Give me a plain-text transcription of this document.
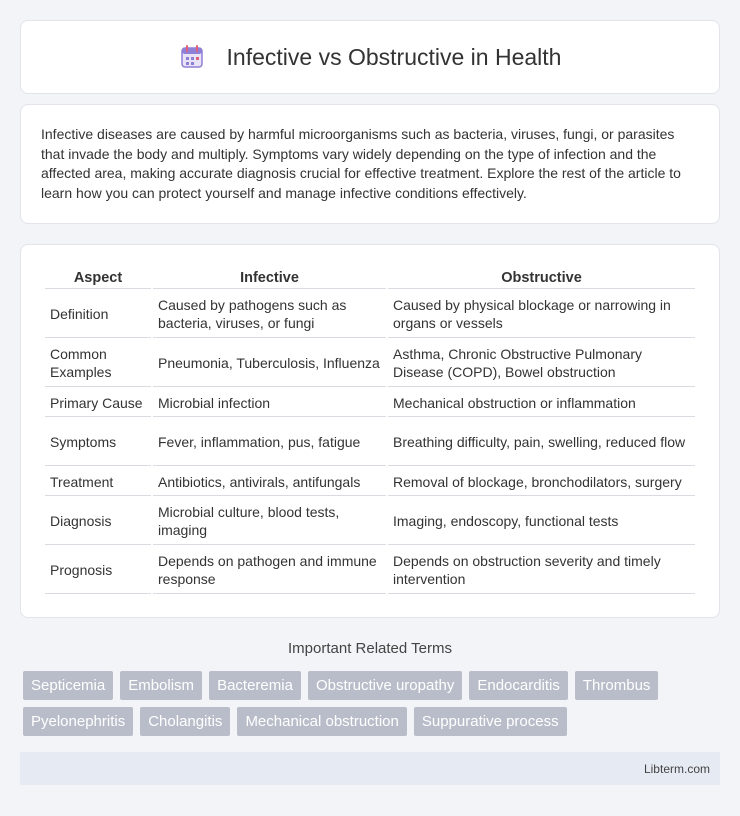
Infective vs Obstructive in Health

Infective diseases are caused by harmful microorganisms such as bacteria, viruses, fungi, or parasites that invade the body and multiply. Symptoms vary widely depending on the type of infection and the affected area, making accurate diagnosis crucial for effective treatment. Explore the rest of the article to learn how you can protect yourself and manage infective conditions effectively.

Aspect	Infective	Obstructive
Definition	Caused by pathogens such as bacteria, viruses, or fungi	Caused by physical blockage or narrowing in organs or vessels
Common Examples	Pneumonia, Tuberculosis, Influenza	Asthma, Chronic Obstructive Pulmonary Disease (COPD), Bowel obstruction
Primary Cause	Microbial infection	Mechanical obstruction or inflammation
Symptoms	Fever, inflammation, pus, fatigue	Breathing difficulty, pain, swelling, reduced flow
Treatment	Antibiotics, antivirals, antifungals	Removal of blockage, bronchodilators, surgery
Diagnosis	Microbial culture, blood tests, imaging	Imaging, endoscopy, functional tests
Prognosis	Depends on pathogen and immune response	Depends on obstruction severity and timely intervention
Important Related Terms
Septicemia	Embolism	Bacteremia	Obstructive uropathy	Endocarditis	Thrombus
Pyelonephritis	Cholangitis	Mechanical obstruction	Suppurative process
Libterm.com
